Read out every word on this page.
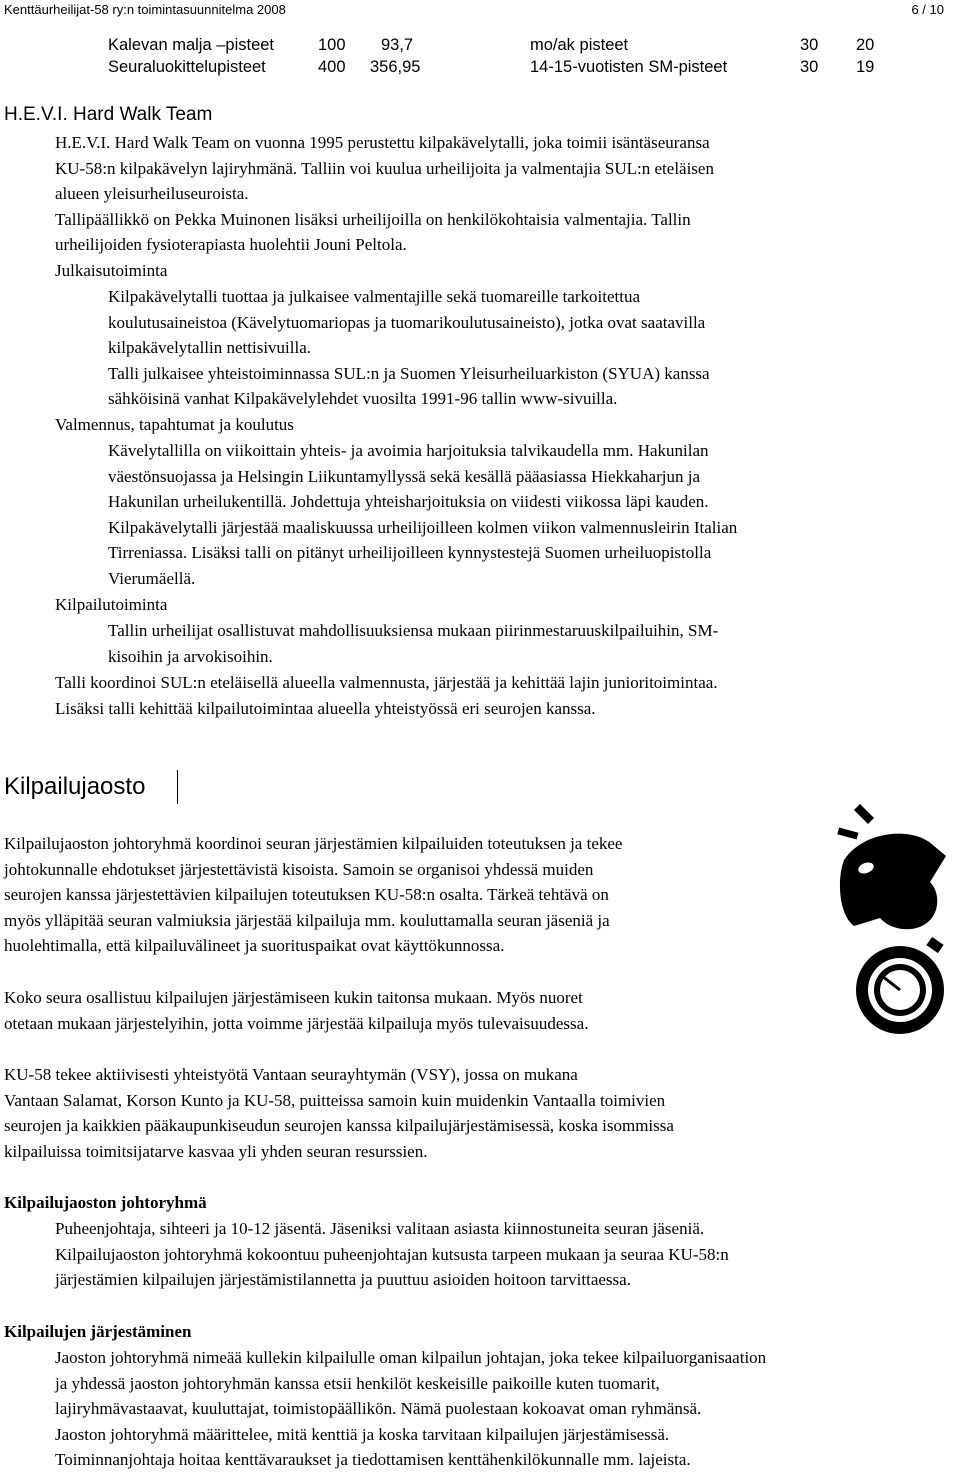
Kenttäurheilijat-58 ry:n toimintasuunnitelma 2008	6 / 10
Kalevan malja –pisteet	100 93,7	mo/ak pisteet	30 20
Seuraluokittelupisteet	400 356,95	14-15-vuotisten SM-pisteet	30 19
H.E.V.I. Hard Walk Team

H.E.V.I. Hard Walk Team on vuonna 1995 perustettu kilpakävelytalli, joka toimii isäntäseuransa

KU-58:n kilpakävelyn lajiryhmänä. Talliin voi kuulua urheilijoita ja valmentajia SUL:n eteläisen

alueen yleisurheiluseuroista.

Tallipäällikkö on Pekka Muinonen lisäksi urheilijoilla on henkilökohtaisia valmentajia. Tallin

urheilijoiden fysioterapiasta huolehtii Jouni Peltola.

Julkaisutoiminta

Kilpakävelytalli tuottaa ja julkaisee valmentajille sekä tuomareille tarkoitettua

koulutusaineistoa (Kävelytuomariopas ja tuomarikoulutusaineisto), jotka ovat saatavilla

kilpakävelytallin nettisivuilla.

Talli julkaisee yhteistoiminnassa SUL:n ja Suomen Yleisurheiluarkiston (SYUA) kanssa

sähköisinä vanhat Kilpakävelylehdet vuosilta 1991-96 tallin www-sivuilla.

Valmennus, tapahtumat ja koulutus

Kävelytallilla on viikoittain yhteis- ja avoimia harjoituksia talvikaudella mm. Hakunilan

väestönsuojassa ja Helsingin Liikuntamyllyssä sekä kesällä pääasiassa Hiekkaharjun ja

Hakunilan urheilukentillä. Johdettuja yhteisharjoituksia on viidesti viikossa läpi kauden.

Kilpakävelytalli järjestää maaliskuussa urheilijoilleen kolmen viikon valmennusleirin Italian

Tirreniassa. Lisäksi talli on pitänyt urheilijoilleen kynnystestejä Suomen urheiluopistolla

Vierumäellä.

Kilpailutoiminta

Tallin urheilijat osallistuvat mahdollisuuksiensa mukaan piirinmestaruuskilpailuihin, SM-

kisoihin ja arvokisoihin.

Talli koordinoi SUL:n eteläisellä alueella valmennusta, järjestää ja kehittää lajin junioritoimintaa.

Lisäksi talli kehittää kilpailutoimintaa alueella yhteistyössä eri seurojen kanssa.

Kilpailujaosto

Kilpailujaoston johtoryhmä koordinoi seuran järjestämien kilpailuiden toteutuksen ja tekee

johtokunnalle ehdotukset järjestettävistä kisoista. Samoin se organisoi yhdessä muiden

seurojen kanssa järjestettävien kilpailujen toteutuksen KU-58:n osalta. Tärkeä tehtävä on

myös ylläpitää seuran valmiuksia järjestää kilpailuja mm. kouluttamalla seuran jäseniä ja

huolehtimalla, että kilpailuvälineet ja suorituspaikat ovat käyttökunnossa.

Koko seura osallistuu kilpailujen järjestämiseen kukin taitonsa mukaan. Myös nuoret

otetaan mukaan järjestelyihin, jotta voimme järjestää kilpailuja myös tulevaisuudessa.

KU-58 tekee aktiivisesti yhteistyötä Vantaan seurayhtymän (VSY), jossa on mukana

Vantaan Salamat, Korson Kunto ja KU-58, puitteissa samoin kuin muidenkin Vantaalla toimivien

seurojen ja kaikkien pääkaupunkiseudun seurojen kanssa kilpailujärjestämisessä, koska isommissa

kilpailuissa toimitsijatarve kasvaa yli yhden seuran resurssien.

Kilpailujaoston johtoryhmä

Puheenjohtaja, sihteeri ja 10-12 jäsentä. Jäseniksi valitaan asiasta kiinnostuneita seuran jäseniä.

Kilpailujaoston johtoryhmä kokoontuu puheenjohtajan kutsusta tarpeen mukaan ja seuraa KU-58:n

järjestämien kilpailujen järjestämistilannetta ja puuttuu asioiden hoitoon tarvittaessa.

Kilpailujen järjestäminen

Jaoston johtoryhmä nimeää kullekin kilpailulle oman kilpailun johtajan, joka tekee kilpailuorganisaation

ja yhdessä jaoston johtoryhmän kanssa etsii henkilöt keskeisille paikoille kuten tuomarit,

lajiryhmävastaavat, kuuluttajat, toimistopäällikön. Nämä puolestaan kokoavat oman ryhmänsä.

Jaoston johtoryhmä määrittelee, mitä kenttiä ja koska tarvitaan kilpailujen järjestämisessä.

Toiminnanjohtaja hoitaa kenttävaraukset ja tiedottamisen kenttähenkilökunnalle mm. lajeista.
